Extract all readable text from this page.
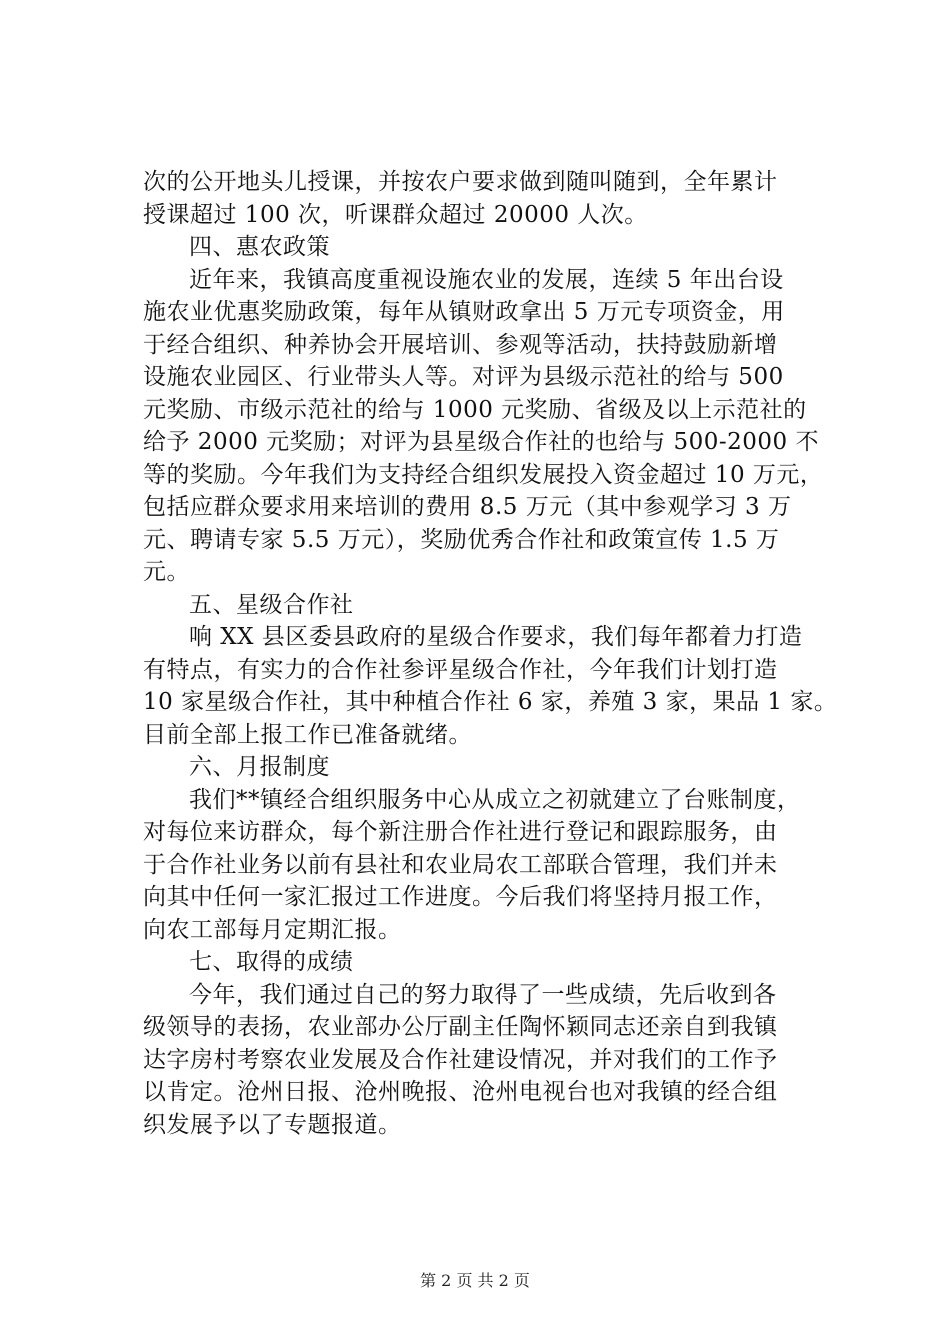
次的公开地头儿授课，并按农户要求做到随叫随到，全年累计
授课超过 100 次，听课群众超过 20000 人次。
四、惠农政策
近年来，我镇高度重视设施农业的发展，连续 5 年出台设
施农业优惠奖励政策，每年从镇财政拿出 5 万元专项资金，用
于经合组织、种养协会开展培训、参观等活动，扶持鼓励新增
设施农业园区、行业带头人等。对评为县级示范社的给与 500
元奖励、市级示范社的给与 1000 元奖励、省级及以上示范社的
给予 2000 元奖励；对评为县星级合作社的也给与 500-2000 不
等的奖励。今年我们为支持经合组织发展投入资金超过 10 万元，
包括应群众要求用来培训的费用 8.5 万元（其中参观学习 3 万
元、聘请专家 5.5 万元），奖励优秀合作社和政策宣传 1.5 万
元。
五、星级合作社
响 XX 县区委县政府的星级合作要求，我们每年都着力打造
有特点，有实力的合作社参评星级合作社，今年我们计划打造
10 家星级合作社，其中种植合作社 6 家，养殖 3 家，果品 1 家。
目前全部上报工作已准备就绪。
六、月报制度
我们**镇经合组织服务中心从成立之初就建立了台账制度，
对每位来访群众，每个新注册合作社进行登记和跟踪服务，由
于合作社业务以前有县社和农业局农工部联合管理，我们并未
向其中任何一家汇报过工作进度。今后我们将坚持月报工作，
向农工部每月定期汇报。
七、取得的成绩
今年，我们通过自己的努力取得了一些成绩，先后收到各
级领导的表扬，农业部办公厅副主任陶怀颖同志还亲自到我镇
达字房村考察农业发展及合作社建设情况，并对我们的工作予
以肯定。沧州日报、沧州晚报、沧州电视台也对我镇的经合组
织发展予以了专题报道。
第 2 页 共 2 页
